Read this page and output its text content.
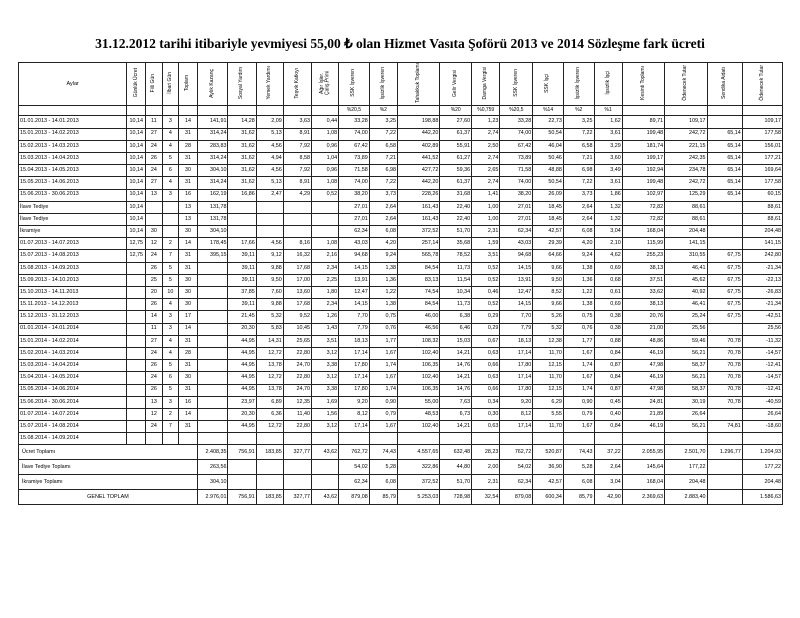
31.12.2012 tarihi itibariyle yevmiyesi 55,00 ₺ olan Hizmet Vasıta Şoförü 2013 ve 2014 Sözleşme fark ücreti
Aylar	Günlük Ücret	Fiili Gün	İlbari Gün	Toplam	Aylık Kazanç	Sosyal Yardım	Yemek Yardımı	Teşvik Katkıyı	Ağır İşler. Çalış.Primi	SSK İşveren	İşsizlik İşveren	Tahakkuk Toplamı	Gelir Vergisi	Damga Vergisi	SSK İşveren	SSK İşçi	İşsizlik İşveren	İşsizlik İşçi	Kesinti Toplamı	Ödenecek Tutar	Sendika Aidatı	Ödenecek Tutar
										%20,5	%2		%20	%0,759	%20,5	%14	%2	%1				
01.01.2013 - 14.01.2013	10,14	11	3	14	141,91	14,28	2,09	3,63	0,44	33,28	3,25	198,88	27,60	1,23	33,28	22,73	3,25	1,62	89,71	109,17		109,17
15.01.2013 - 14.02.2013	10,14	27	4	31	314,24	31,62	5,13	8,91	1,08	74,00	7,22	442,20	61,37	2,74	74,00	50,54	7,22	3,61	199,48	242,72	65,14	177,58
15.02.2013 - 14.03.2013	10,14	24	4	28	283,83	31,62	4,56	7,92	0,96	67,42	6,58	402,89	55,91	2,50	67,42	46,04	6,58	3,29	181,74	221,15	65,14	156,01
15.03.2013 - 14.04.2013	10,14	26	5	31	314,24	31,62	4,94	8,58	1,04	73,89	7,21	441,52	61,27	2,74	73,89	50,46	7,21	3,60	199,17	242,35	65,14	177,21
15.04.2013 - 14.05.2013	10,14	24	6	30	304,10	31,62	4,56	7,92	0,96	71,58	6,98	427,72	59,36	2,65	71,58	48,88	6,98	3,49	192,94	234,78	65,14	169,64
15.05.2013 - 14.06.2013	10,14	27	4	31	314,24	31,62	5,13	8,91	1,08	74,00	7,22	442,20	61,37	2,74	74,00	50,54	7,22	3,61	199,48	242,72	65,14	177,58
15.06.2013 - 30.06.2013	10,14	13	3	16	162,19	16,86	2,47	4,29	0,52	38,20	3,73	228,26	31,68	1,41	38,20	26,09	3,73	1,86	102,97	125,29	65,14	60,15
İlave Tediye	10,14			13	131,78					27,01	2,64	161,43	22,40	1,00	27,01	18,45	2,64	1,32	72,82	88,61		88,61
İlave Tediye	10,14			13	131,78					27,01	2,64	161,43	22,40	1,00	27,01	18,45	2,64	1,32	72,82	88,61		88,61
İkramiye	10,14	30		30	304,10					62,34	6,08	372,52	51,70	2,31	62,34	42,57	6,08	3,04	168,04	204,48		204,48
01.07.2013 - 14.07.2013	12,75	12	2	14	178,45	17,66	4,56	8,16	1,08	43,03	4,20	257,14	35,68	1,59	43,03	29,39	4,20	2,10	115,99	141,15		141,15
15.07.2013 - 14.08.2013	12,75	24	7	31	395,15	39,11	9,12	16,32	2,16	94,68	9,24	565,78	78,52	3,51	94,68	64,66	9,24	4,62	255,23	310,55	67,75	242,80
15.08.2013 - 14.09.2013		26	5	31		39,11	9,88	17,68	2,34	14,15	1,38	84,54	11,73	0,52	14,15	9,66	1,38	0,69	38,13	46,41	67,75	-21,34
15.09.2013 - 14.10.2013		25	5	30		39,11	9,50	17,00	2,25	13,91	1,36	83,13	11,54	0,52	13,91	9,50	1,36	0,68	37,51	45,62	67,75	-22,13
15.10.2013 - 14.11.2013		20	10	30		37,85	7,60	13,60	1,80	12,47	1,22	74,54	10,34	0,46	12,47	8,52	1,22	0,61	33,62	40,92	67,75	-26,83
15.11.2013 - 14.12.2013		26	4	30		39,11	9,88	17,68	2,34	14,15	1,38	84,54	11,73	0,52	14,15	9,66	1,38	0,69	38,13	46,41	67,75	-21,34
15.12.2013 - 31.12.2013		14	3	17		21,45	5,32	9,52	1,26	7,70	0,75	46,00	6,38	0,29	7,70	5,26	0,75	0,38	20,76	25,24	67,75	-42,51
01.01.2014 - 14.01.2014		11	3	14		20,30	5,83	10,45	1,43	7,79	0,76	46,56	6,46	0,29	7,79	5,32	0,76	0,38	21,00	25,56		25,56
15.01.2014 - 14.02.2014		27	4	31		44,95	14,31	25,65	3,51	18,13	1,77	108,32	15,03	0,67	18,13	12,38	1,77	0,88	48,86	59,46	70,78	-11,32
15.02.2014 - 14.03.2014		24	4	28		44,95	12,72	22,80	3,12	17,14	1,67	102,40	14,21	0,63	17,14	11,70	1,67	0,84	46,19	56,21	70,78	-14,57
15.03.2014 - 14.04.2014		26	5	31		44,95	13,78	24,70	3,38	17,80	1,74	106,35	14,76	0,66	17,80	12,15	1,74	0,87	47,98	58,37	70,78	-12,41
15.04.2014 - 14.05.2014		24	6	30		44,95	12,72	22,80	3,12	17,14	1,67	102,40	14,21	0,63	17,14	11,70	1,67	0,84	46,19	56,21	70,78	-14,57
15.05.2014 - 14.06.2014		26	5	31		44,95	13,78	24,70	3,38	17,80	1,74	106,35	14,76	0,66	17,80	12,15	1,74	0,87	47,98	58,37	70,78	-12,41
15.06.2014 - 30.06.2014		13	3	16		23,97	6,89	12,35	1,69	9,20	0,90	55,00	7,63	0,34	9,20	6,29	0,90	0,45	24,81	30,19	70,78	-40,59
01.07.2014 - 14.07.2014		12	2	14		20,30	6,36	11,40	1,56	8,12	0,79	48,53	6,73	0,30	8,12	5,55	0,79	0,40	21,89	26,64		26,64
15.07.2014 - 14.08.2014		24	7	31		44,95	12,72	22,80	3,12	17,14	1,67	102,40	14,21	0,63	17,14	11,70	1,67	0,84	46,19	56,21	74,81	-18,60
15.08.2014 - 14.09.2014																						
Ücret Toplamı					2.408,35	756,91	183,85	327,77	43,62	762,72	74,43	4.557,65	632,48	28,23	762,72	520,87	74,43	37,22	2.055,95	2.501,70	1.296,77	1.204,93
İlave Tediye Toplamı					263,56					54,02	5,28	322,86	44,80	2,00	54,02	36,90	5,28	2,64	145,64	177,22		177,22
İkramiye Toplamı					304,10					62,34	6,08	372,52	51,70	2,31	62,34	42,57	6,08	3,04	168,04	204,48		204,48
GENEL TOPLAM					2.976,01	756,91	183,85	327,77	43,62	879,08	85,79	5.253,03	728,98	32,54	879,08	600,34	85,79	42,90	2.369,63	2.883,40		1.586,63
